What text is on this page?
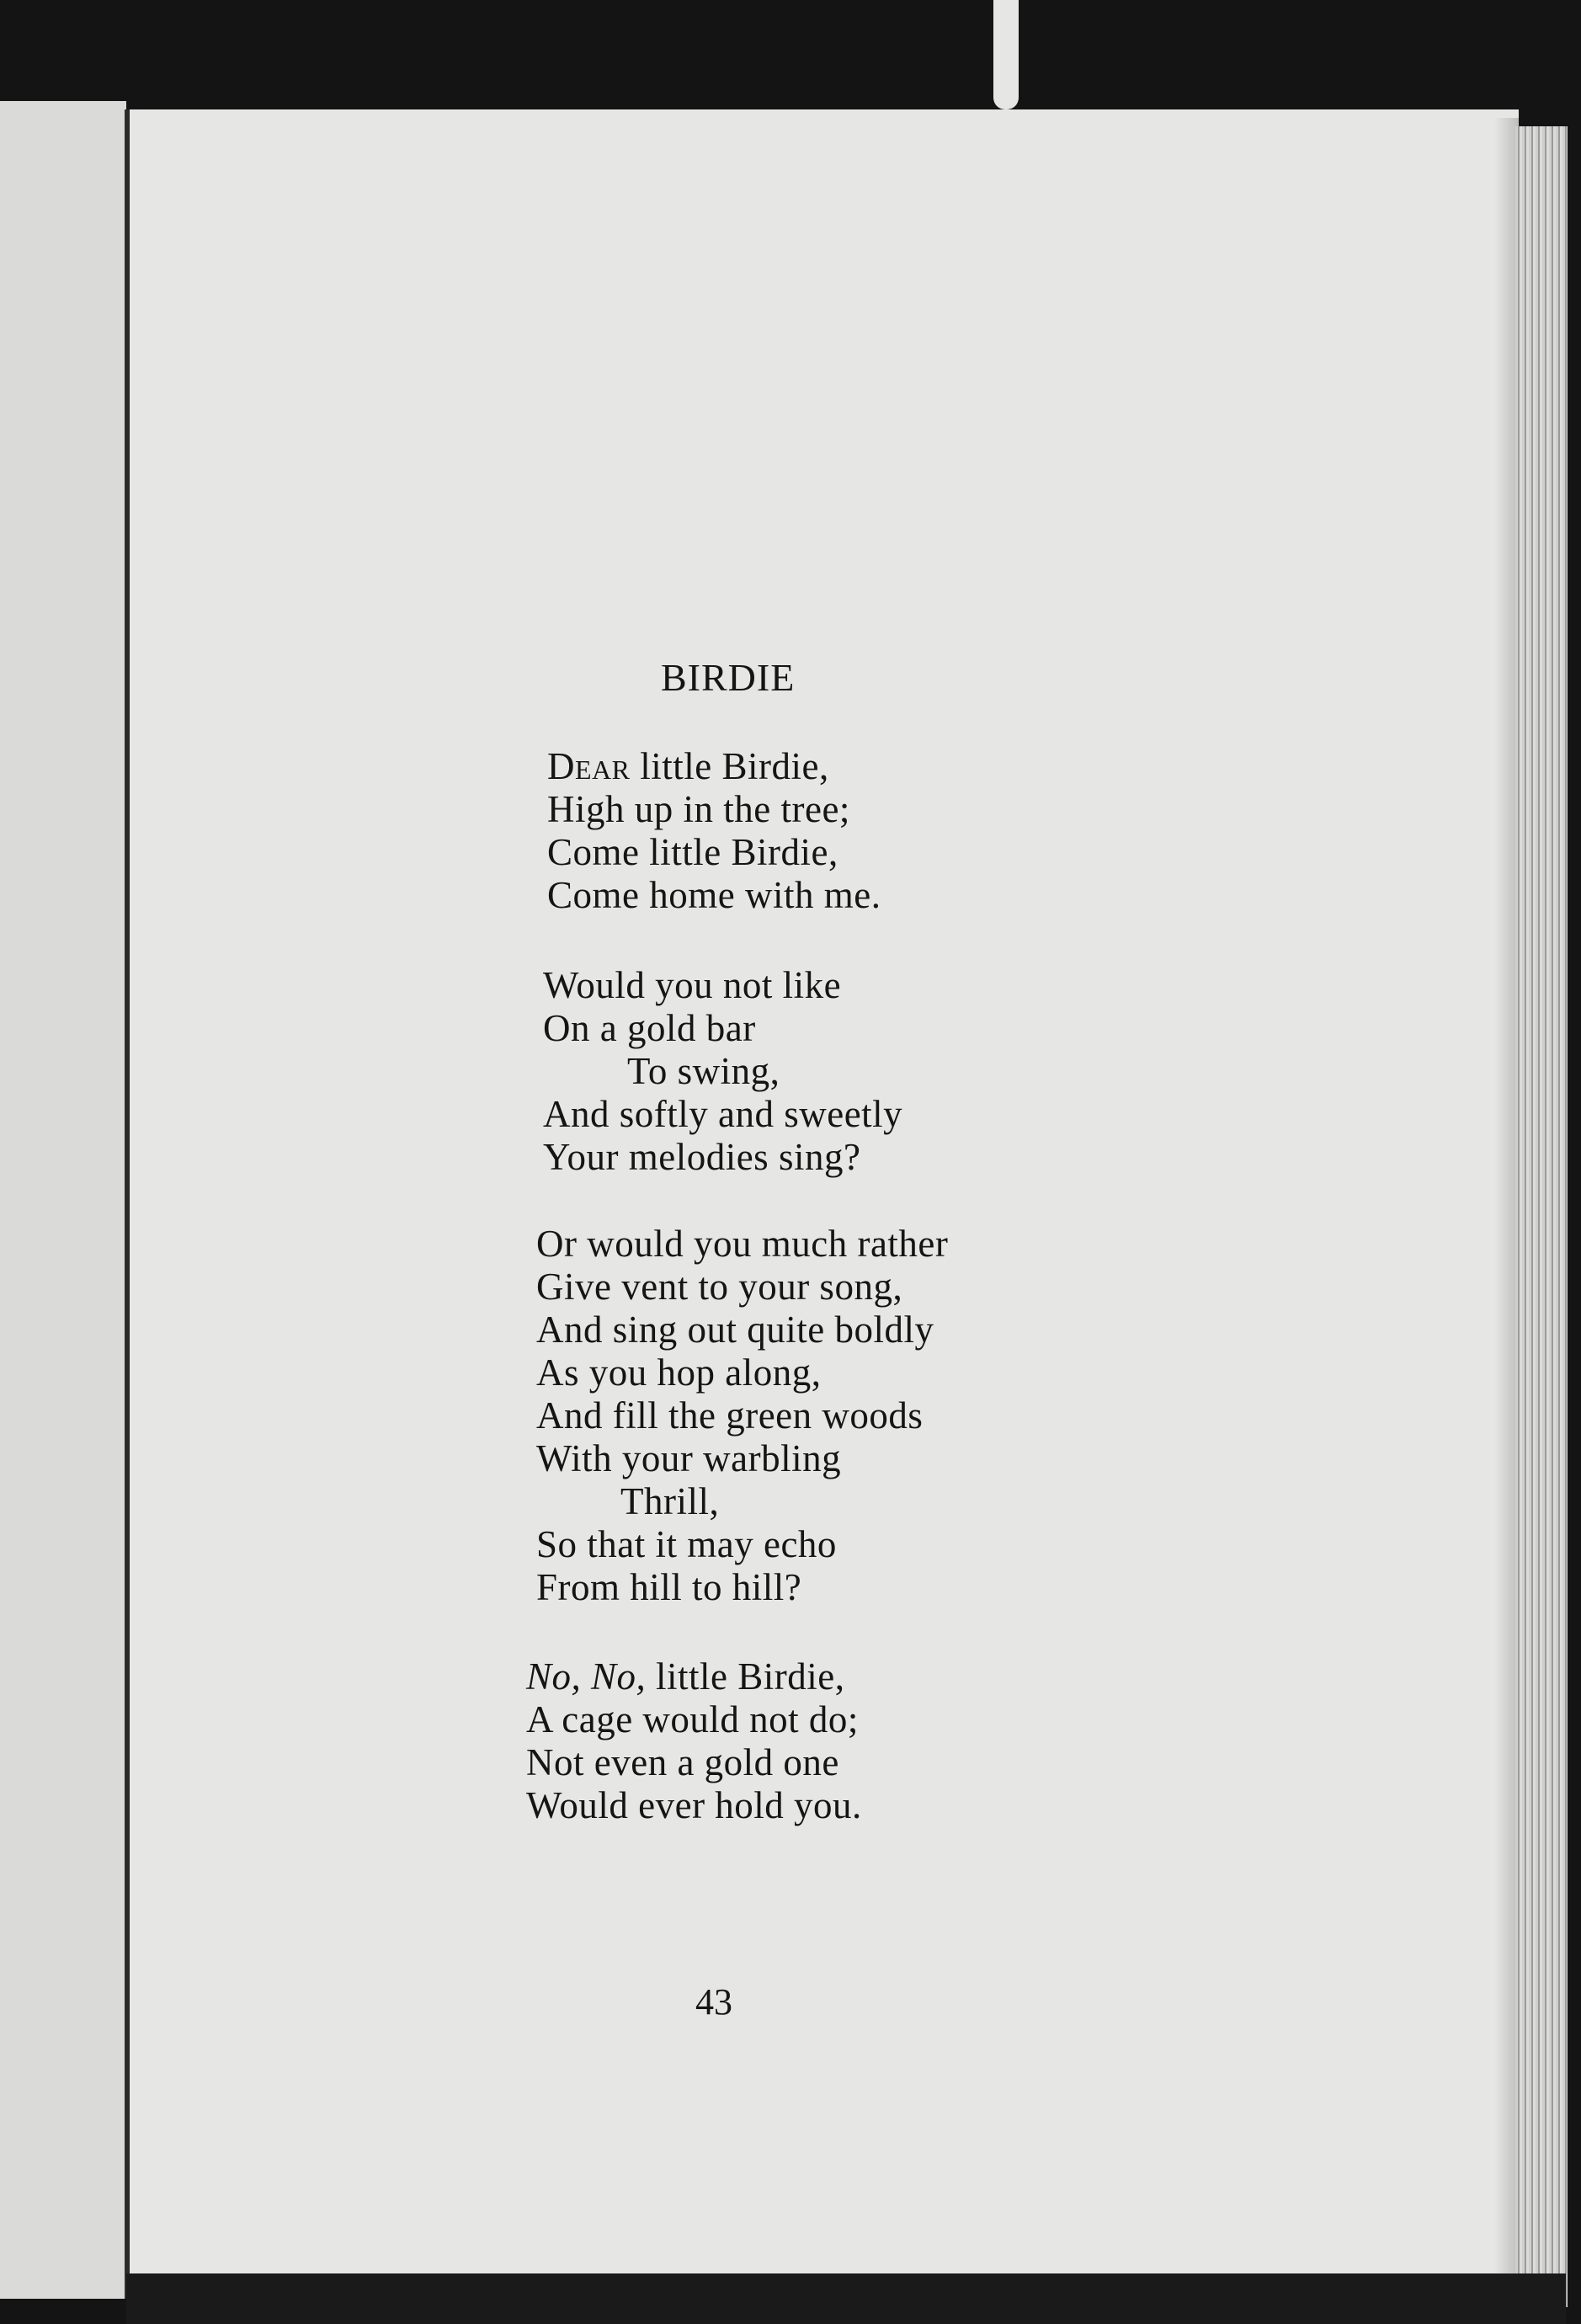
BIRDIE
Dear little Birdie,
High up in the tree;
Come little Birdie,
Come home with me.
Would you not like
On a gold bar
To swing,
And softly and sweetly
Your melodies sing?
Or would you much rather
Give vent to your song,
And sing out quite boldly
As you hop along,
And fill the green woods
With your warbling
Thrill,
So that it may echo
From hill to hill?
No, No, little Birdie,
A cage would not do;
Not even a gold one
Would ever hold you.

43
